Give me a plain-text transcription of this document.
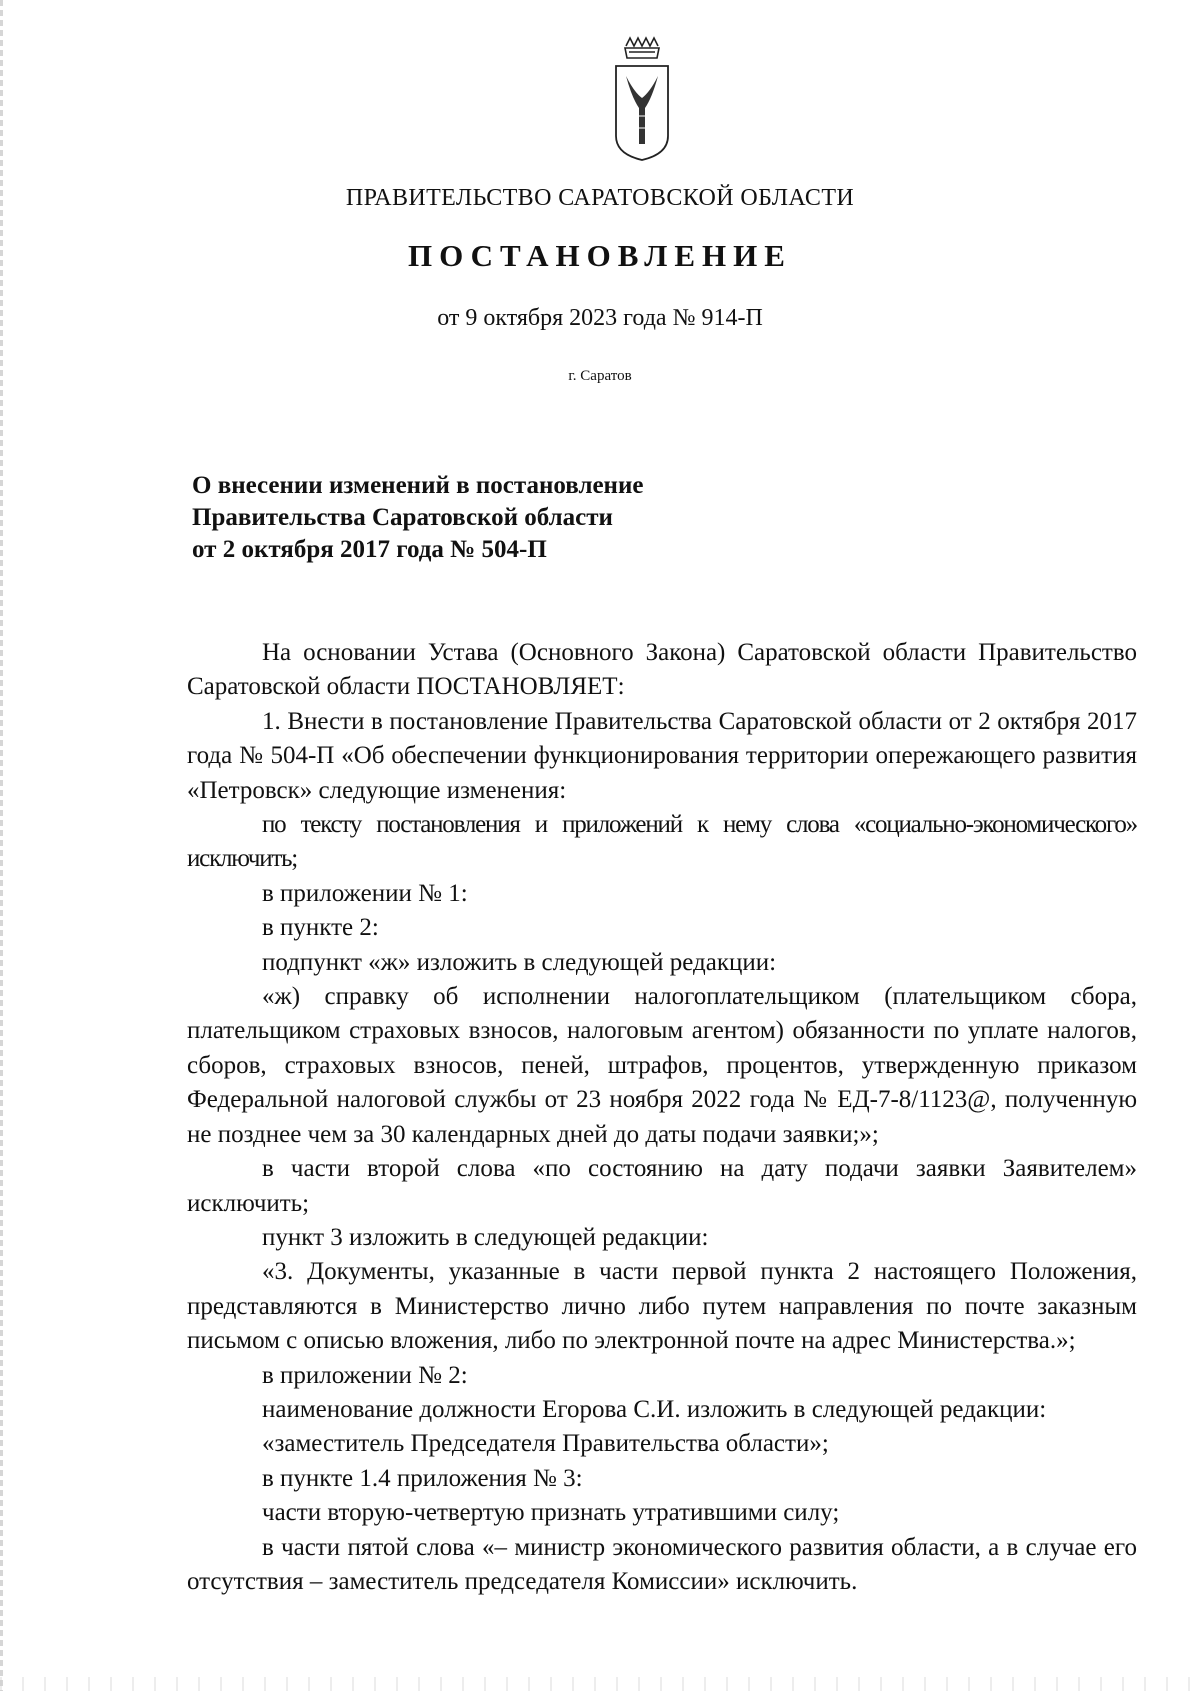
ПРАВИТЕЛЬСТВО САРАТОВСКОЙ ОБЛАСТИ
ПОСТАНОВЛЕНИЕ
от 9 октября 2023 года № 914-П
г. Саратов
О внесении изменений в постановление
Правительства Саратовской области
от 2 октября 2017 года № 504-П

На основании Устава (Основного Закона) Саратовской области Правительство Саратовской области ПОСТАНОВЛЯЕТ:

1. Внести в постановление Правительства Саратовской области от 2 октября 2017 года № 504-П «Об обеспечении функционирования территории опережающего развития «Петровск» следующие изменения:

по тексту постановления и приложений к нему слова «социально-экономического» исключить;

в приложении № 1:

в пункте 2:

подпункт «ж» изложить в следующей редакции:

«ж) справку об исполнении налогоплательщиком (плательщиком сбора, плательщиком страховых взносов, налоговым агентом) обязанности по уплате налогов, сборов, страховых взносов, пеней, штрафов, процентов, утвержденную приказом Федеральной налоговой службы от 23 ноября 2022 года № ЕД-7-8/1123@, полученную не позднее чем за 30 календарных дней до даты подачи заявки;»;

в части второй слова «по состоянию на дату подачи заявки Заявителем» исключить;

пункт 3 изложить в следующей редакции:

«3. Документы, указанные в части первой пункта 2 настоящего Положения, представляются в Министерство лично либо путем направления по почте заказным письмом с описью вложения, либо по электронной почте на адрес Министерства.»;

в приложении № 2:

наименование должности Егорова С.И. изложить в следующей редакции:

«заместитель Председателя Правительства области»;

в пункте 1.4 приложения № 3:

части вторую-четвертую признать утратившими силу;

в части пятой слова «– министр экономического развития области, а в случае его отсутствия – заместитель председателя Комиссии» исключить.
